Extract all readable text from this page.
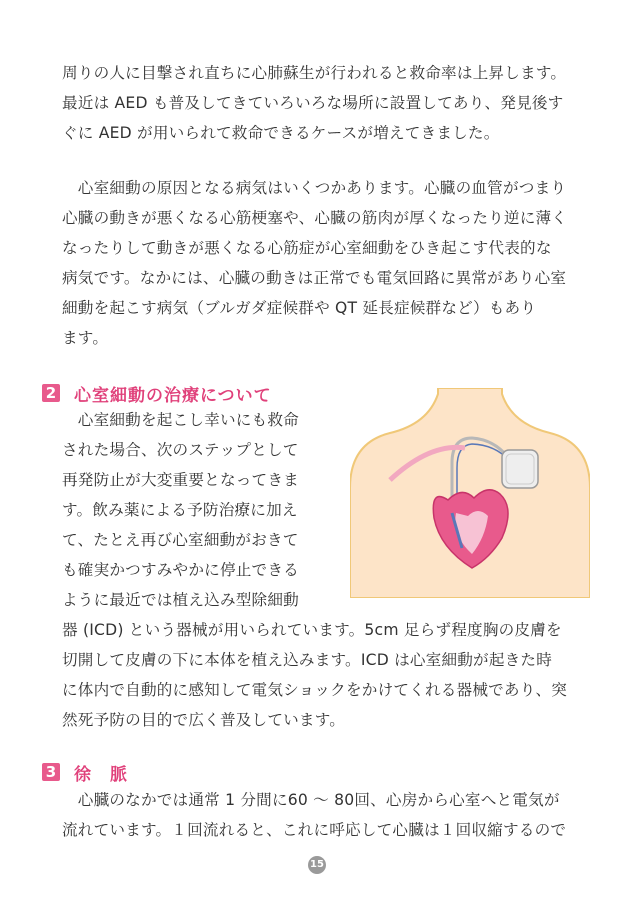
周りの人に目撃され直ちに心肺蘇生が行われると救命率は上昇します。
最近は AED も普及してきていろいろな場所に設置してあり、発見後す
ぐに AED が用いられて救命できるケースが増えてきました。

　心室細動の原因となる病気はいくつかあります。心臓の血管がつまり
心臓の動きが悪くなる心筋梗塞や、心臓の筋肉が厚くなったり逆に薄く
なったりして動きが悪くなる心筋症が心室細動をひき起こす代表的な
病気です。なかには、心臓の動きは正常でも電気回路に異常があり心室
細動を起こす病気（ブルガダ症候群や QT 延長症候群など）もあり
ます。

2 心室細動の治療について

　心室細動を起こし幸いにも救命
された場合、次のステップとして
再発防止が大変重要となってきま
す。飲み薬による予防治療に加え
て、たとえ再び心室細動がおきて
も確実かつすみやかに停止できる
ように最近では植え込み型除細動

器 (ICD) という器械が用いられています。5cm 足らず程度胸の皮膚を
切開して皮膚の下に本体を植え込みます。ICD は心室細動が起きた時
に体内で自動的に感知して電気ショックをかけてくれる器械であり、突
然死予防の目的で広く普及しています。

3 徐　脈

　心臓のなかでは通常 1 分間に60 ～ 80回、心房から心室へと電気が
流れています。１回流れると、これに呼応して心臓は１回収縮するので

15
